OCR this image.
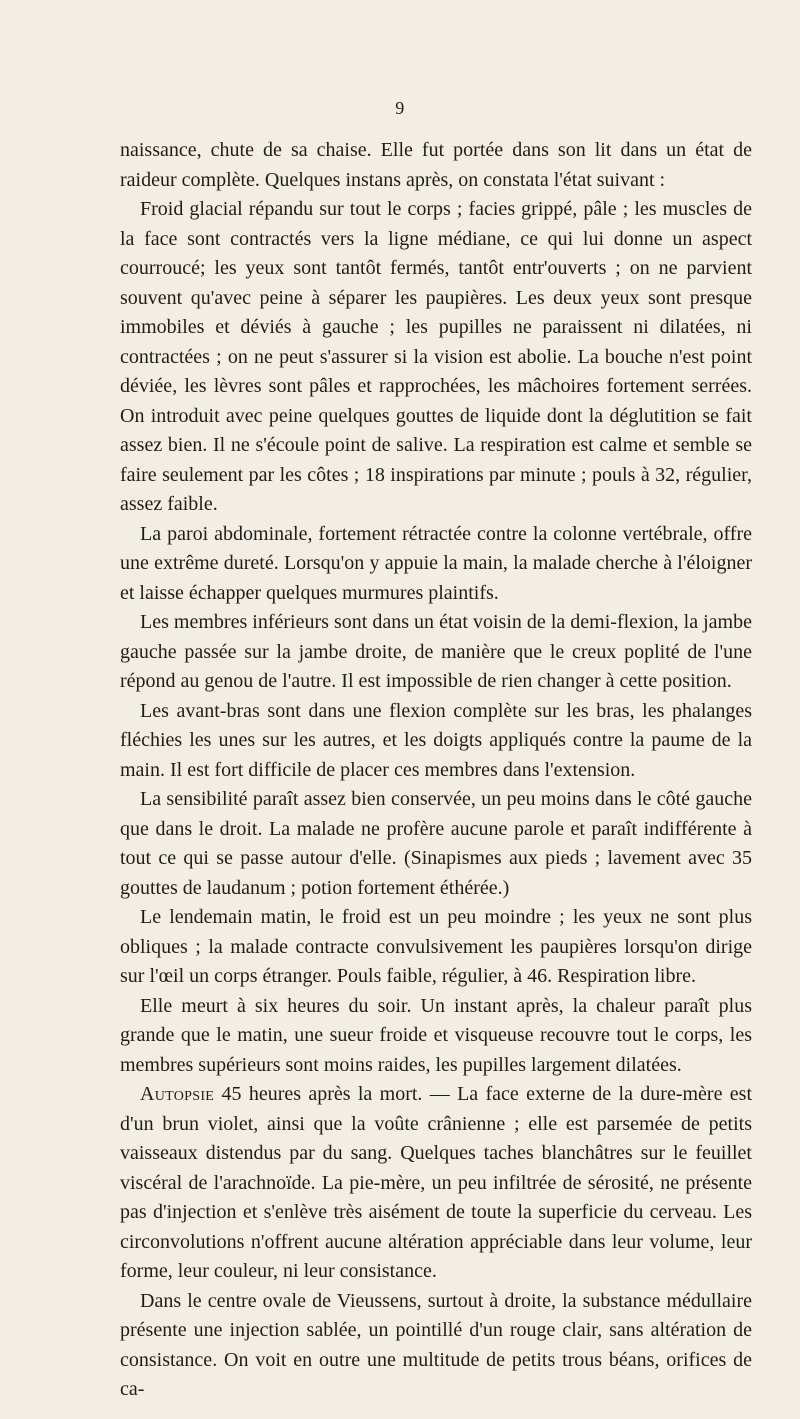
9

naissance, chute de sa chaise. Elle fut portée dans son lit dans un état de raideur complète. Quelques instans après, on constata l'état suivant :

Froid glacial répandu sur tout le corps ; facies grippé, pâle ; les muscles de la face sont contractés vers la ligne médiane, ce qui lui donne un aspect courroucé; les yeux sont tantôt fermés, tantôt entr'ouverts ; on ne parvient souvent qu'avec peine à séparer les paupières. Les deux yeux sont presque immobiles et déviés à gauche ; les pupilles ne paraissent ni dilatées, ni contractées ; on ne peut s'assurer si la vision est abolie. La bouche n'est point déviée, les lèvres sont pâles et rapprochées, les mâchoires fortement serrées. On introduit avec peine quelques gouttes de liquide dont la déglutition se fait assez bien. Il ne s'écoule point de salive. La respiration est calme et semble se faire seulement par les côtes ; 18 inspirations par minute ; pouls à 32, régulier, assez faible.

La paroi abdominale, fortement rétractée contre la colonne vertébrale, offre une extrême dureté. Lorsqu'on y appuie la main, la malade cherche à l'éloigner et laisse échapper quelques murmures plaintifs.

Les membres inférieurs sont dans un état voisin de la demi-flexion, la jambe gauche passée sur la jambe droite, de manière que le creux poplité de l'une répond au genou de l'autre. Il est impossible de rien changer à cette position.

Les avant-bras sont dans une flexion complète sur les bras, les phalanges fléchies les unes sur les autres, et les doigts appliqués contre la paume de la main. Il est fort difficile de placer ces membres dans l'extension.

La sensibilité paraît assez bien conservée, un peu moins dans le côté gauche que dans le droit. La malade ne profère aucune parole et paraît indifférente à tout ce qui se passe autour d'elle. (Sinapismes aux pieds ; lavement avec 35 gouttes de laudanum ; potion fortement éthérée.)

Le lendemain matin, le froid est un peu moindre ; les yeux ne sont plus obliques ; la malade contracte convulsivement les paupières lorsqu'on dirige sur l'œil un corps étranger. Pouls faible, régulier, à 46. Respiration libre.

Elle meurt à six heures du soir. Un instant après, la chaleur paraît plus grande que le matin, une sueur froide et visqueuse recouvre tout le corps, les membres supérieurs sont moins raides, les pupilles largement dilatées.

Autopsie 45 heures après la mort. — La face externe de la dure-mère est d'un brun violet, ainsi que la voûte crânienne ; elle est parsemée de petits vaisseaux distendus par du sang. Quelques taches blanchâtres sur le feuillet viscéral de l'arachnoïde. La pie-mère, un peu infiltrée de sérosité, ne présente pas d'injection et s'enlève très aisément de toute la superficie du cerveau. Les circonvolutions n'offrent aucune altération appréciable dans leur volume, leur forme, leur couleur, ni leur consistance.

Dans le centre ovale de Vieussens, surtout à droite, la substance médullaire présente une injection sablée, un pointillé d'un rouge clair, sans altération de consistance. On voit en outre une multitude de petits trous béans, orifices de ca-
